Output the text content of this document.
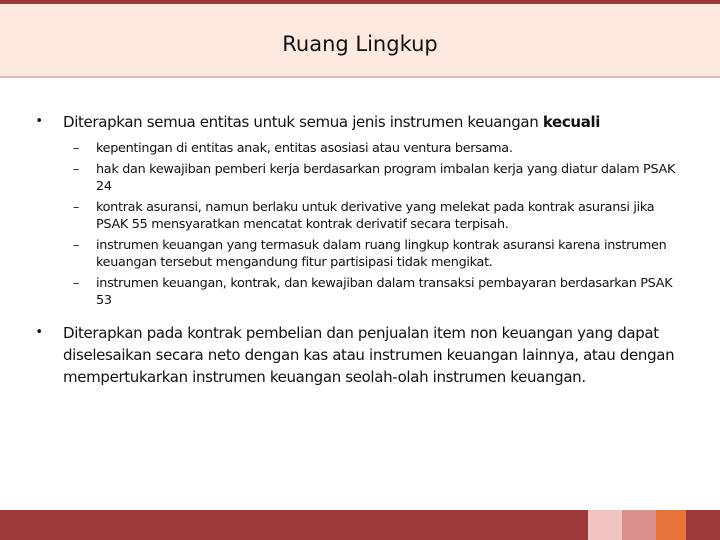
Ruang Lingkup
• Diterapkan semua entitas untuk semua jenis instrumen keuangan kecuali
– kepentingan di entitas anak, entitas asosiasi atau ventura bersama.
– hak dan kewajiban pemberi kerja berdasarkan program imbalan kerja yang diatur dalam PSAK 24
– kontrak asuransi, namun berlaku untuk derivative yang melekat pada kontrak asuransi jika PSAK 55 mensyaratkan mencatat kontrak derivatif secara terpisah.
– instrumen keuangan yang termasuk dalam ruang lingkup kontrak asuransi karena instrumen keuangan tersebut mengandung fitur partisipasi tidak mengikat.
– instrumen keuangan, kontrak, dan kewajiban dalam transaksi pembayaran berdasarkan PSAK 53
• Diterapkan pada kontrak pembelian dan penjualan item non keuangan yang dapat diselesaikan secara neto dengan kas atau instrumen keuangan lainnya, atau dengan mempertukarkan instrumen keuangan seolah-olah instrumen keuangan.
